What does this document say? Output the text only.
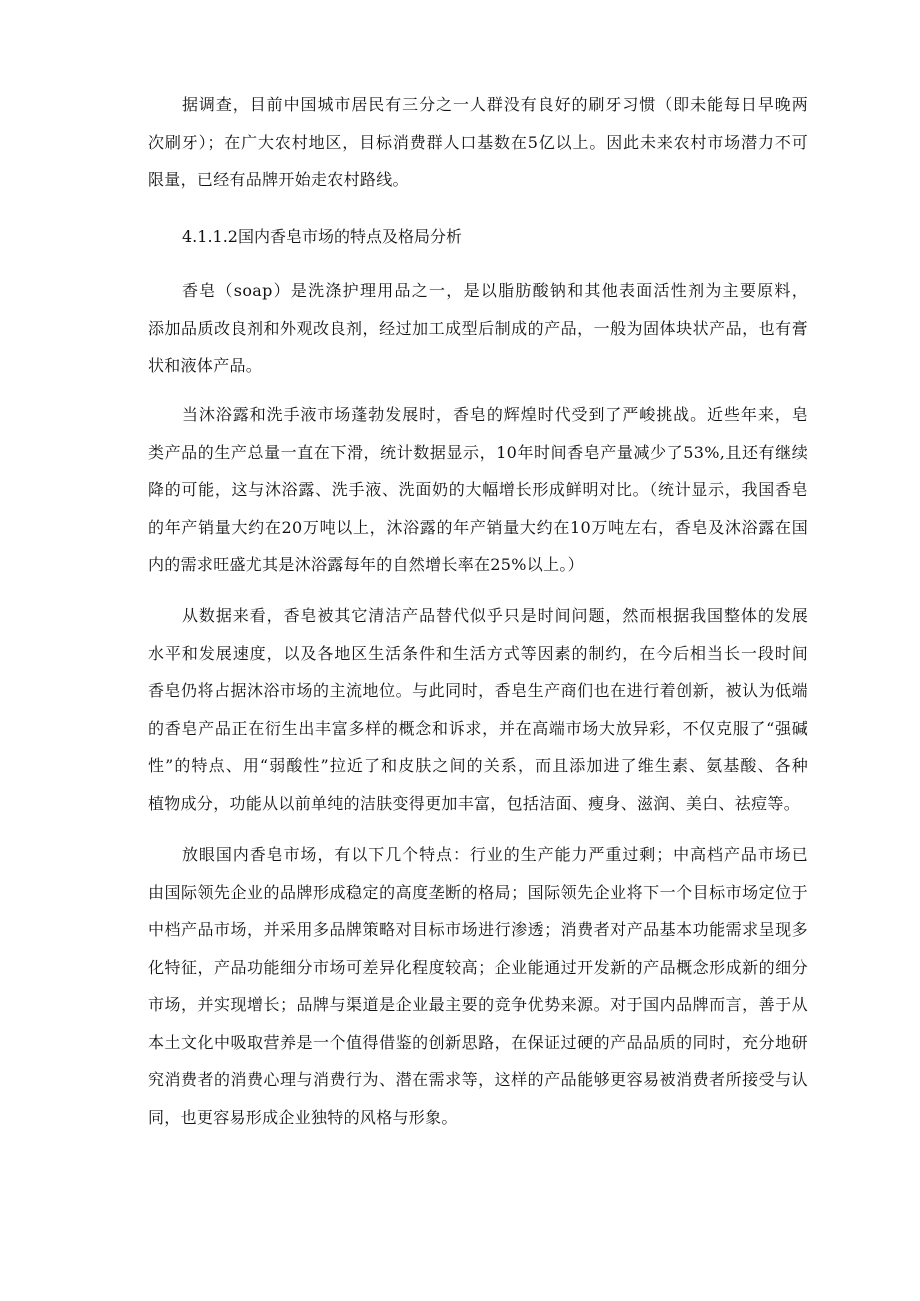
据调查，目前中国城市居民有三分之一人群没有良好的刷牙习惯（即未能每日早晚两
次刷牙）；在广大农村地区，目标消费群人口基数在5亿以上。因此未来农村市场潜力不可
限量，已经有品牌开始走农村路线。
4.1.1.2国内香皂市场的特点及格局分析
香皂（soap）是洗涤护理用品之一，是以脂肪酸钠和其他表面活性剂为主要原料，
添加品质改良剂和外观改良剂，经过加工成型后制成的产品，一般为固体块状产品，也有膏
状和液体产品。
当沐浴露和洗手液市场蓬勃发展时，香皂的辉煌时代受到了严峻挑战。近些年来，皂
类产品的生产总量一直在下滑，统计数据显示，10年时间香皂产量减少了53%,且还有继续
降的可能，这与沐浴露、洗手液、洗面奶的大幅增长形成鲜明对比。（统计显示，我国香皂
的年产销量大约在20万吨以上，沐浴露的年产销量大约在10万吨左右，香皂及沐浴露在国
内的需求旺盛尤其是沐浴露每年的自然增长率在25%以上。）
从数据来看，香皂被其它清洁产品替代似乎只是时间问题，然而根据我国整体的发展
水平和发展速度，以及各地区生活条件和生活方式等因素的制约，在今后相当长一段时间
香皂仍将占据沐浴市场的主流地位。与此同时，香皂生产商们也在进行着创新，被认为低端
的香皂产品正在衍生出丰富多样的概念和诉求，并在高端市场大放异彩，不仅克服了“强碱
性”的特点、用“弱酸性”拉近了和皮肤之间的关系，而且添加进了维生素、氨基酸、各种
植物成分，功能从以前单纯的洁肤变得更加丰富，包括洁面、瘦身、滋润、美白、祛痘等。
放眼国内香皂市场，有以下几个特点：行业的生产能力严重过剩；中高档产品市场已
由国际领先企业的品牌形成稳定的高度垄断的格局；国际领先企业将下一个目标市场定位于
中档产品市场，并采用多品牌策略对目标市场进行渗透；消费者对产品基本功能需求呈现多
化特征，产品功能细分市场可差异化程度较高；企业能通过开发新的产品概念形成新的细分
市场，并实现增长；品牌与渠道是企业最主要的竞争优势来源。对于国内品牌而言，善于从
本土文化中吸取营养是一个值得借鉴的创新思路，在保证过硬的产品品质的同时，充分地研
究消费者的消费心理与消费行为、潜在需求等，这样的产品能够更容易被消费者所接受与认
同，也更容易形成企业独特的风格与形象。
